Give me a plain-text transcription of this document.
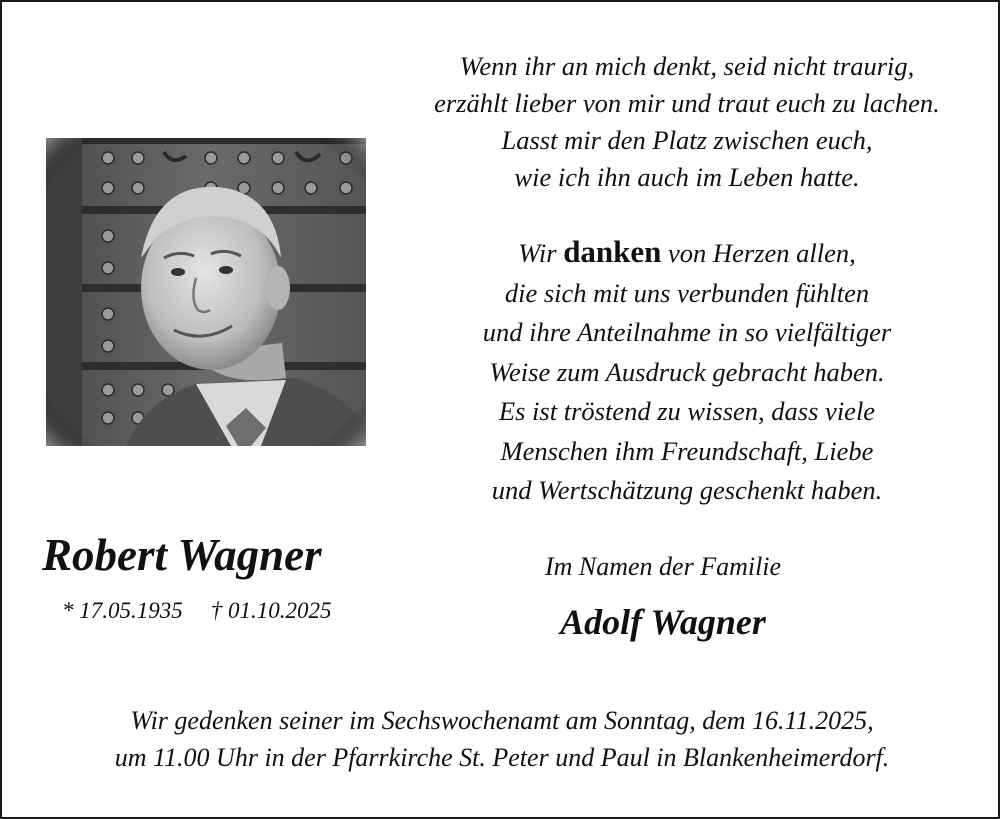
Wenn ihr an mich denkt, seid nicht traurig,
erzählt lieber von mir und traut euch zu lachen.
Lasst mir den Platz zwischen euch,
wie ich ihn auch im Leben hatte.
Wir danken von Herzen allen,
die sich mit uns verbunden fühlten
und ihre Anteilnahme in so vielfältiger
Weise zum Ausdruck gebracht haben.
Es ist tröstend zu wissen, dass viele
Menschen ihm Freundschaft, Liebe
und Wertschätzung geschenkt haben.
Robert Wagner
* 17.05.1935 † 01.10.2025
Im Namen der Familie
Adolf Wagner
Wir gedenken seiner im Sechswochenamt am Sonntag, dem 16.11.2025,
um 11.00 Uhr in der Pfarrkirche St. Peter und Paul in Blankenheimerdorf.
